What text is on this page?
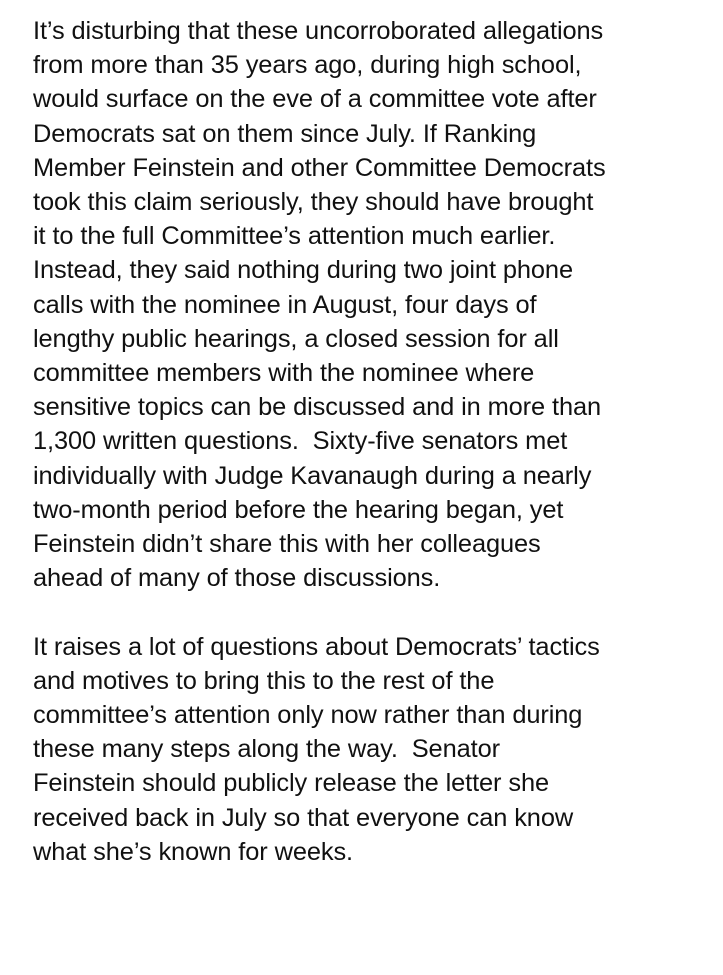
It’s disturbing that these uncorroborated allegations
from more than 35 years ago, during high school,
would surface on the eve of a committee vote after
Democrats sat on them since July. If Ranking
Member Feinstein and other Committee Democrats
took this claim seriously, they should have brought
it to the full Committee’s attention much earlier.
Instead, they said nothing during two joint phone
calls with the nominee in August, four days of
lengthy public hearings, a closed session for all
committee members with the nominee where
sensitive topics can be discussed and in more than
1,300 written questions.  Sixty-five senators met
individually with Judge Kavanaugh during a nearly
two-month period before the hearing began, yet
Feinstein didn’t share this with her colleagues
ahead of many of those discussions.

It raises a lot of questions about Democrats’ tactics
and motives to bring this to the rest of the
committee’s attention only now rather than during
these many steps along the way.  Senator
Feinstein should publicly release the letter she
received back in July so that everyone can know
what she’s known for weeks.
